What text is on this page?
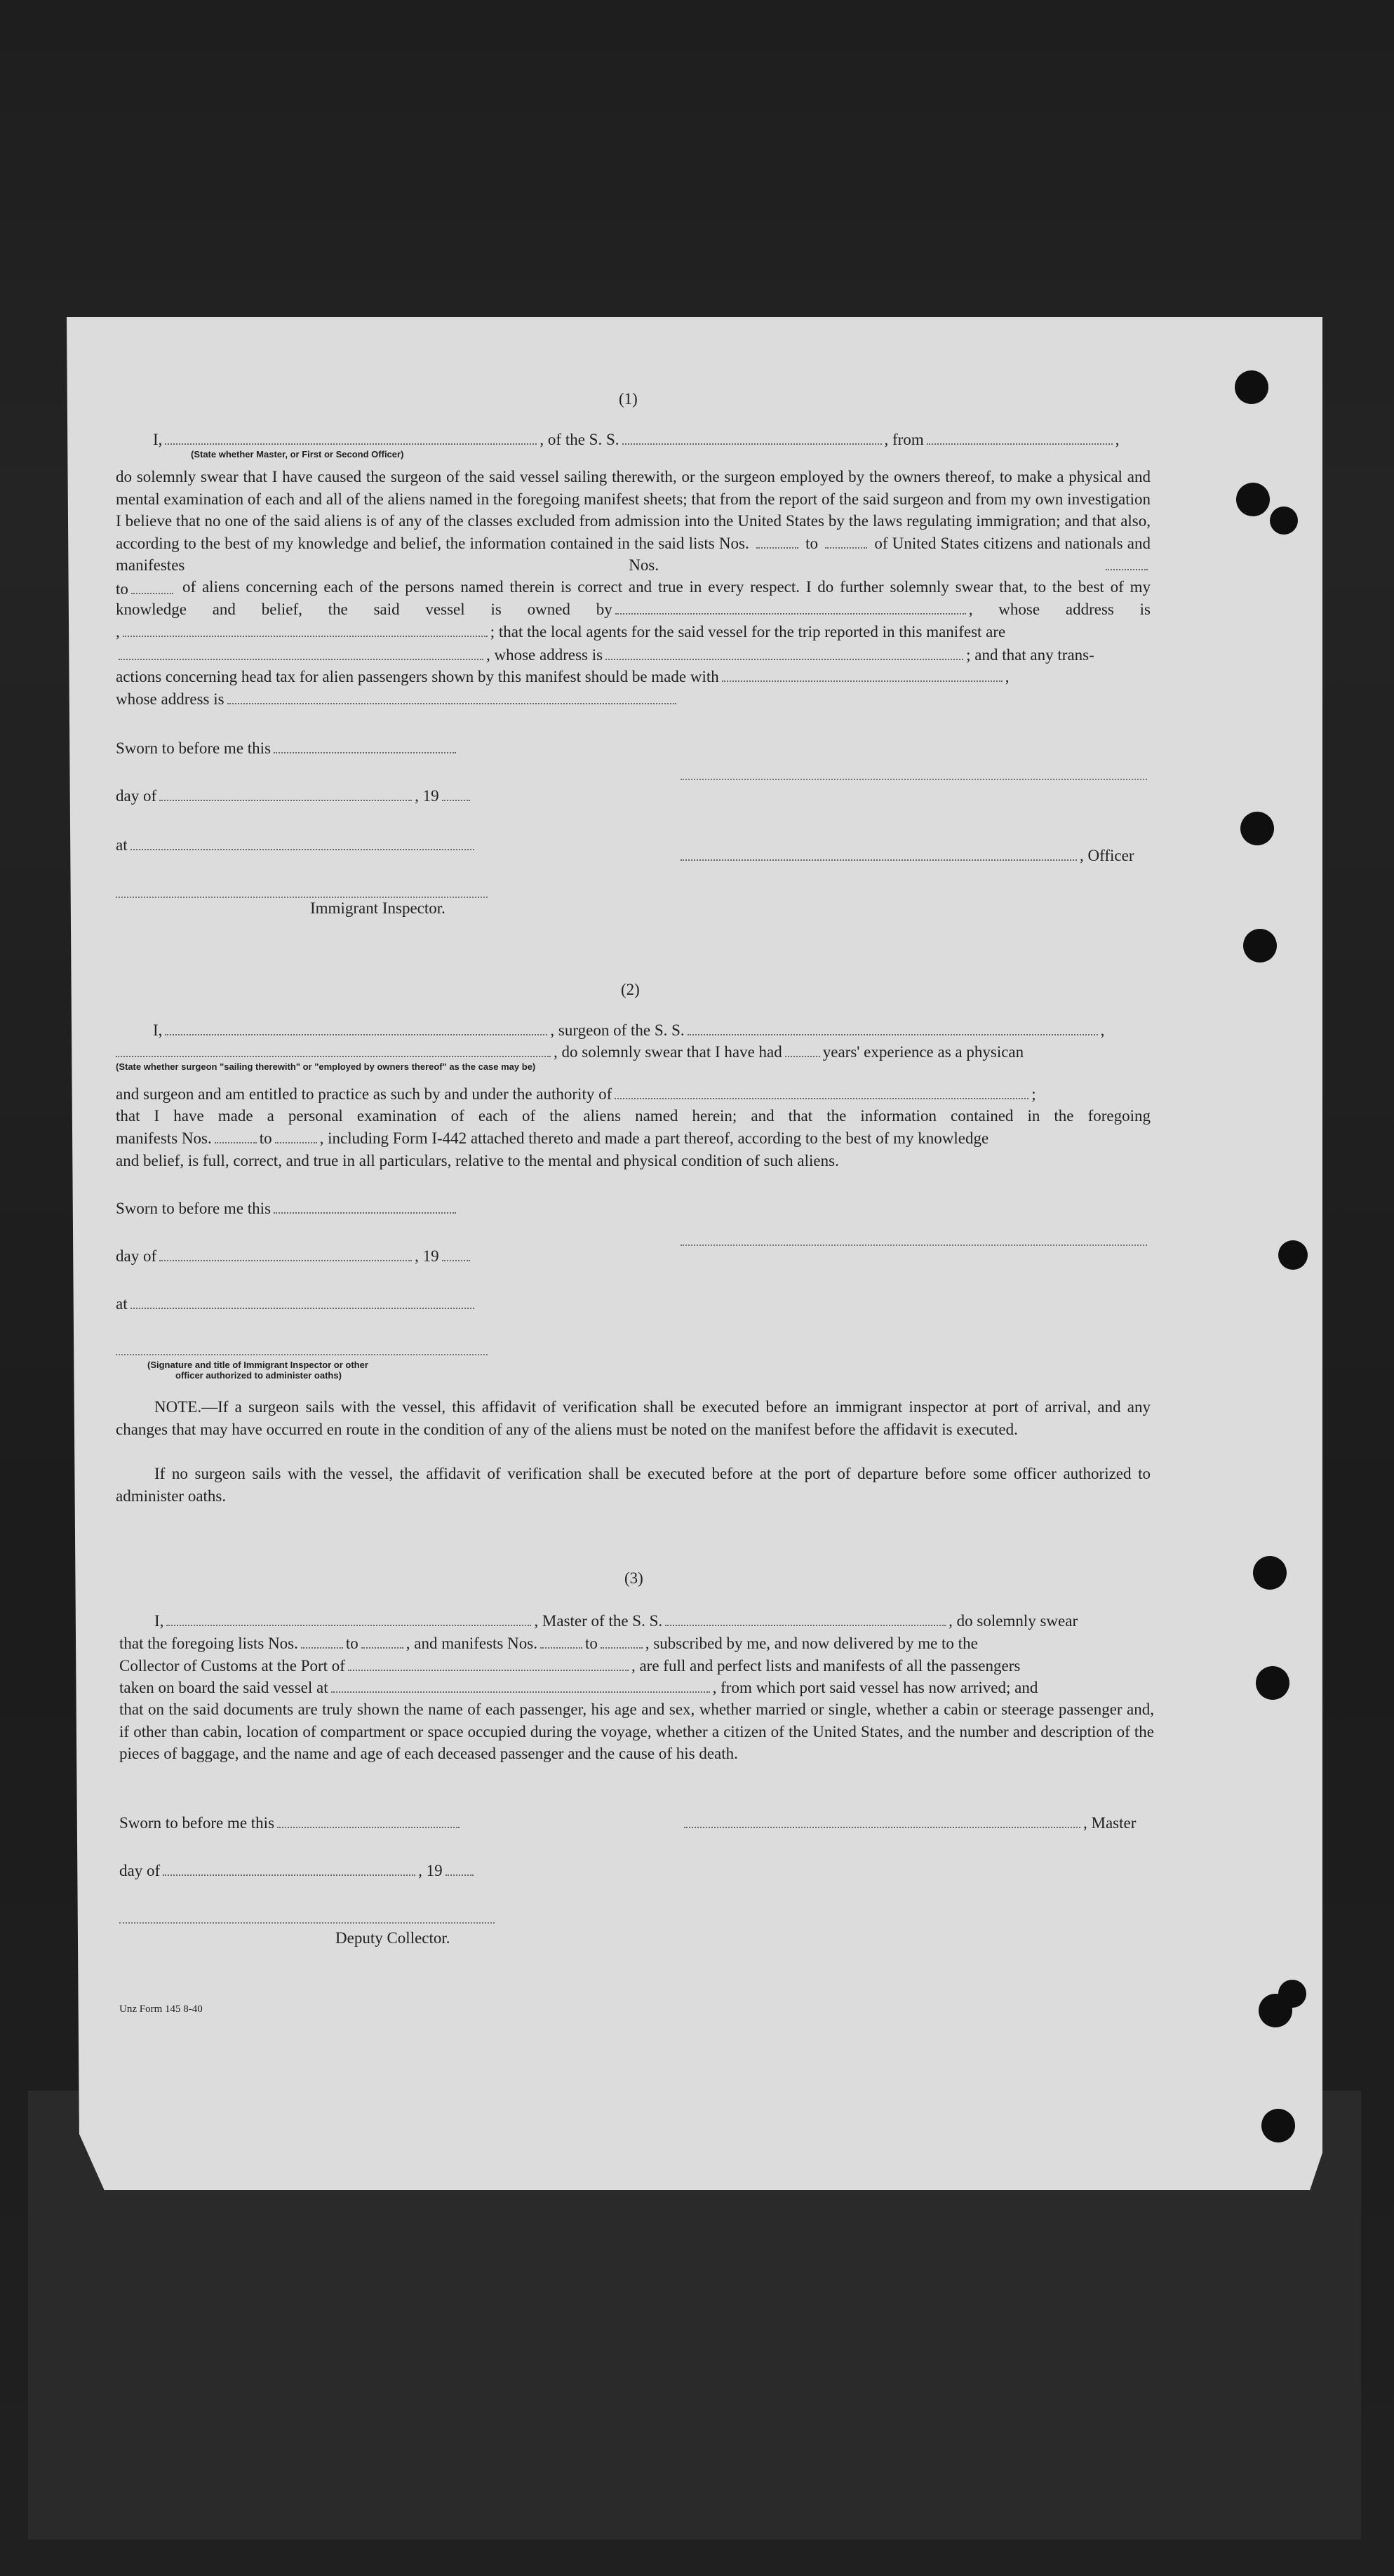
(1)
I,	, of the S. S.	, from	,
(State whether Master, or First or Second Officer)
do solemnly swear that I have caused the surgeon of the said vessel sailing therewith, or the surgeon employed by the owners thereof, to make a physical and mental examination of each and all of the aliens named in the foregoing manifest sheets; that from the report of the said surgeon and from my own investigation I believe that no one of the said aliens is of any of the classes excluded from admission into the United States by the laws regulating immigration; and that also, according to the best of my knowledge and belief, the information contained in the said lists Nos.	to	of United States citizens and nationals and manifestes Nos.
to	of aliens concerning each of the persons named therein is correct and true in every respect. I do further solemnly swear that, to the best of my knowledge and belief, the said vessel is owned by	, whose address is
,	; that the local agents for the said vessel for the trip reported in this manifest are
, whose address is	; and that any trans-
actions concerning head tax for alien passengers shown by this manifest should be made with	,
whose address is
Sworn to before me this
day of	, 19
at
, Officer
Immigrant Inspector.
(2)
I,	, surgeon of the S. S.	,
, do solemnly swear that I have had	years' experience as a physican
(State whether surgeon "sailing therewith" or "employed by owners thereof" as the case may be)
and surgeon and am entitled to practice as such by and under the authority of	;
that I have made a personal examination of each of the aliens named herein; and that the information contained in the foregoing
manifests Nos.	to	, including Form I-442 attached thereto and made a part thereof, according to the best of my knowledge
and belief, is full, correct, and true in all particulars, relative to the mental and physical condition of such aliens.
Sworn to before me this
day of	, 19
at
(Signature and title of Immigrant Inspector or other
officer authorized to administer oaths)
NOTE.—If a surgeon sails with the vessel, this affidavit of verification shall be executed before an immigrant inspector at port of arrival, and any changes that may have occurred en route in the condition of any of the aliens must be noted on the manifest before the affidavit is executed.
If no surgeon sails with the vessel, the affidavit of verification shall be executed before at the port of departure before some officer authorized to administer oaths.
(3)
I,	, Master of the S. S.	, do solemnly swear
that the foregoing lists Nos.	to	, and manifests Nos.	to	, subscribed by me, and now delivered by me to the
Collector of Customs at the Port of	, are full and perfect lists and manifests of all the passengers
taken on board the said vessel at	, from which port said vessel has now arrived; and
that on the said documents are truly shown the name of each passenger, his age and sex, whether married or single, whether a cabin or steerage passenger and, if other than cabin, location of compartment or space occupied during the voyage, whether a citizen of the United States, and the number and description of the pieces of baggage, and the name and age of each deceased passenger and the cause of his death.
Sworn to before me this	, Master
day of	, 19
Deputy Collector.
Unz Form 145 8-40
